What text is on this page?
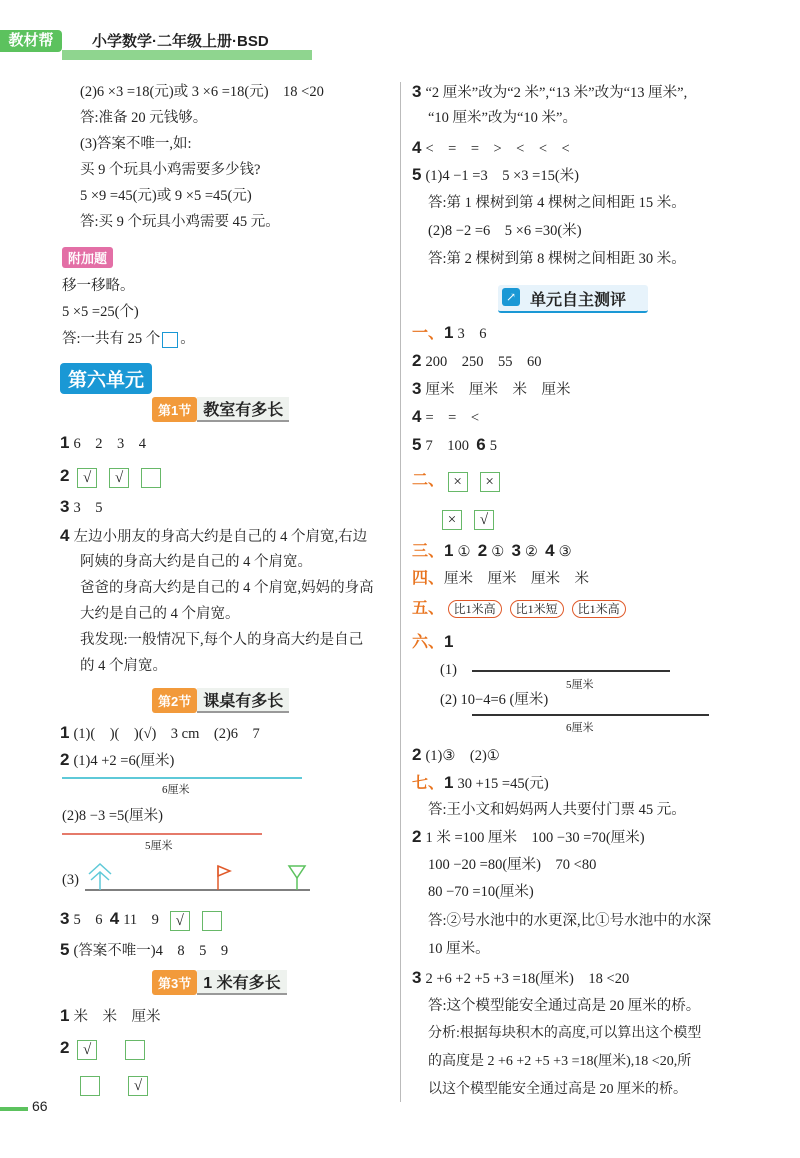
教材帮	小学数学·二年级上册·BSD
(2)6 ×3 =18(元)或 3 ×6 =18(元)　18 <20
答:准备 20 元钱够。
(3)答案不唯一,如:
买 9 个玩具小鸡需要多少钱?
5 ×9 =45(元)或 9 ×5 =45(元)
答:买 9 个玩具小鸡需要 45 元。
附加题
移一移略。
5 ×5 =25(个)
答:一共有 25 个 。
第六单元
第1节 教室有多长
1 6　2　3　4
2 √ √
3 3　5
4 左边小朋友的身高大约是自己的 4 个肩宽,右边
阿姨的身高大约是自己的 4 个肩宽。
爸爸的身高大约是自己的 4 个肩宽,妈妈的身高
大约是自己的 4 个肩宽。
我发现:一般情况下,每个人的身高大约是自己
的 4 个肩宽。
第2节 课桌有多长
1 (1)(　)(　)(√)　3 cm　(2)6　7
2 (1)4 +2 =6(厘米)
6厘米
(2)8 −3 =5(厘米)
5厘米
(3)
3 5　6 4 11　9 √
5 (答案不唯一)4　8　5　9
第3节 1 米有多长
1 米　米　厘米
2 √
√
66
3 “2 厘米”改为“2 米”,“13 米”改为“13 厘米”,
“10 厘米”改为“10 米”。
4 <　=　=　>　<　<　<
5 (1)4 −1 =3　5 ×3 =15(米)
答:第 1 棵树到第 4 棵树之间相距 15 米。
(2)8 −2 =6　5 ×6 =30(米)
答:第 2 棵树到第 8 棵树之间相距 30 米。
↗ 单元自主测评
一、1 3　6
2 200　250　55　60
3 厘米　厘米　米　厘米
4 =　=　<
5 7　100 6 5
二、 × ×
× √
三、1 ① 2 ① 3 ② 4 ③
四、厘米　厘米　厘米　米
五、 比1米高 比1米短 比1米高
六、1
(1)
5厘米
(2) 10−4=6 (厘米)
6厘米
2 (1)③　(2)①
七、1 30 +15 =45(元)
答:王小文和妈妈两人共要付门票 45 元。
2 1 米 =100 厘米　100 −30 =70(厘米)
100 −20 =80(厘米)　70 <80
80 −70 =10(厘米)
答:②号水池中的水更深,比①号水池中的水深
10 厘米。
3 2 +6 +2 +5 +3 =18(厘米)　18 <20
答:这个模型能安全通过高是 20 厘米的桥。
分析:根据每块积木的高度,可以算出这个模型
的高度是 2 +6 +2 +5 +3 =18(厘米),18 <20,所
以这个模型能安全通过高是 20 厘米的桥。
